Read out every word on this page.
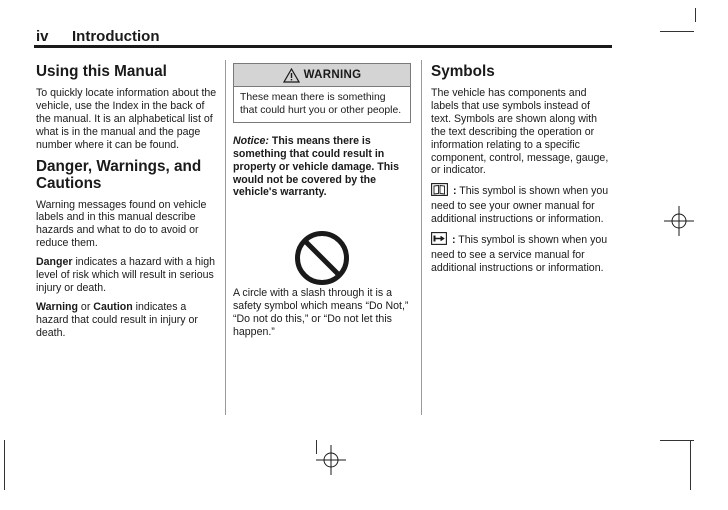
iv Introduction
Using this Manual

To quickly locate information about the vehicle, use the Index in the back of the manual. It is an alphabetical list of what is in the manual and the page number where it can be found.

Danger, Warnings, and Cautions

Warning messages found on vehicle labels and in this manual describe hazards and what to do to avoid or reduce them.

Danger indicates a hazard with a high level of risk which will result in serious injury or death.

Warning or Caution indicates a hazard that could result in injury or death.

WARNING
These mean there is something that could hurt you or other people.
Notice: This means there is something that could result in property or vehicle damage. This would not be covered by the vehicle's warranty.

A circle with a slash through it is a safety symbol which means “Do Not,” “Do not do this,” or “Do not let this happen.”

Symbols

The vehicle has components and labels that use symbols instead of text. Symbols are shown along with the text describing the operation or information relating to a specific component, control, message, gauge, or indicator.

: This symbol is shown when you need to see your owner manual for additional instructions or information.

: This symbol is shown when you need to see a service manual for additional instructions or information.
